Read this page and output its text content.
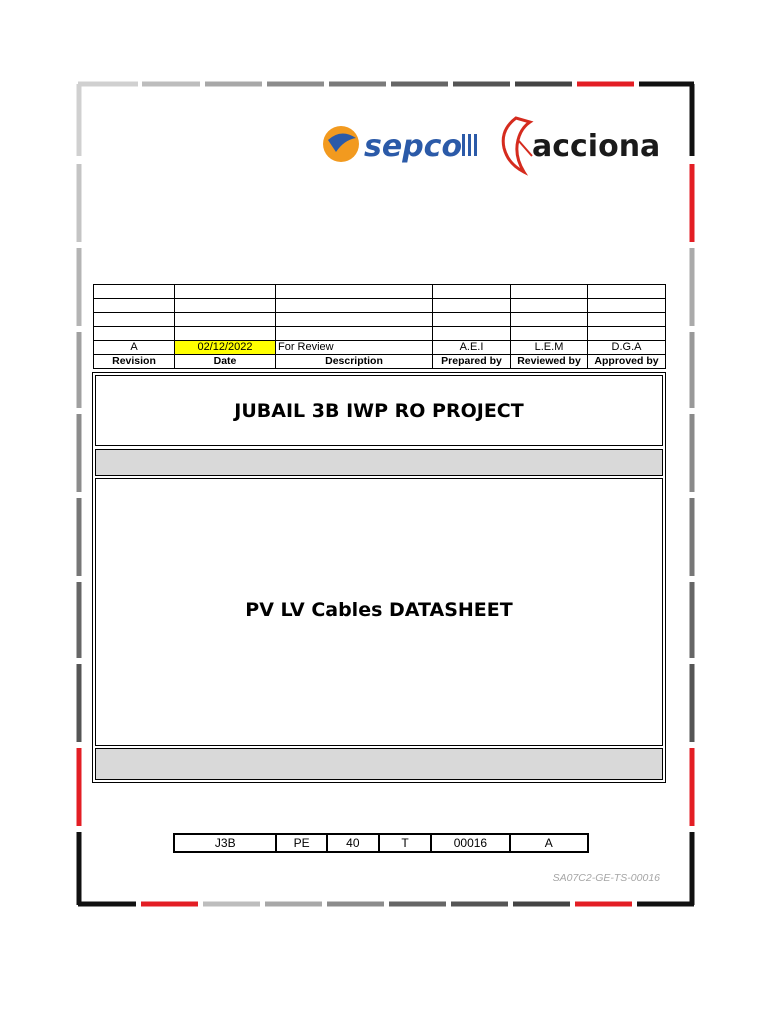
sepco acciona

A	02/12/2022	For Review	A.E.I	L.E.M	D.G.A
Revision	Date	Description	Prepared by	Reviewed by	Approved by
JUBAIL 3B IWP RO PROJECT
PV LV Cables DATASHEET
J3B	PE	40	T	00016	A
SA07C2-GE-TS-00016
